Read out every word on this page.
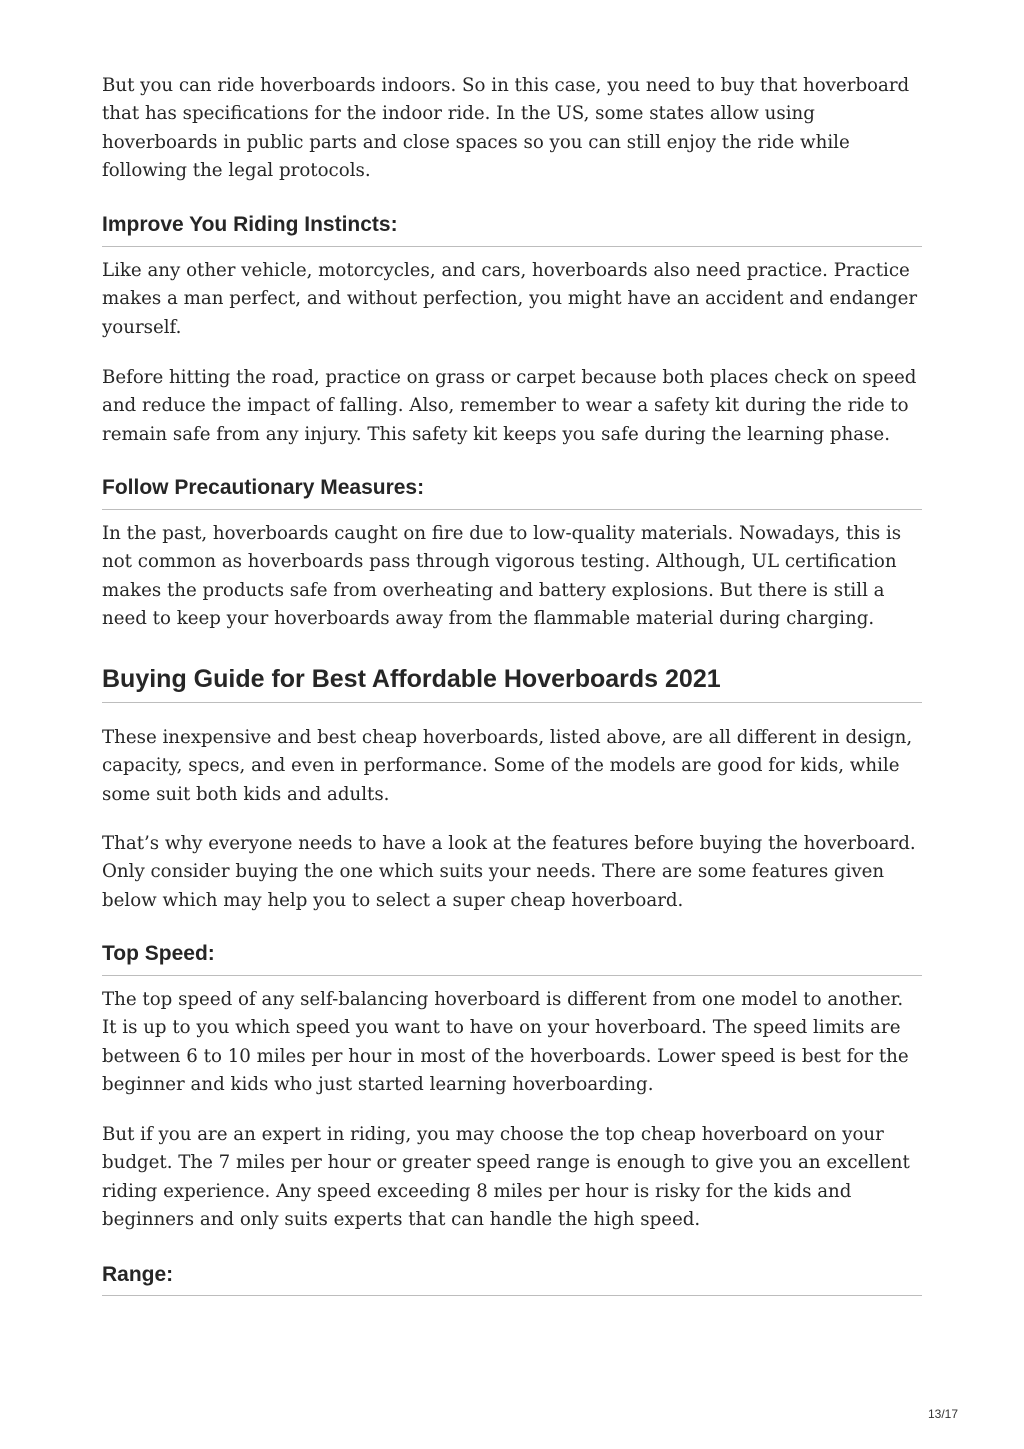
But you can ride hoverboards indoors. So in this case, you need to buy that hoverboard that has specifications for the indoor ride. In the US, some states allow using hoverboards in public parts and close spaces so you can still enjoy the ride while following the legal protocols.

Improve You Riding Instincts:

Like any other vehicle, motorcycles, and cars, hoverboards also need practice. Practice makes a man perfect, and without perfection, you might have an accident and endanger yourself.

Before hitting the road, practice on grass or carpet because both places check on speed and reduce the impact of falling. Also, remember to wear a safety kit during the ride to remain safe from any injury. This safety kit keeps you safe during the learning phase.

Follow Precautionary Measures:

In the past, hoverboards caught on fire due to low-quality materials. Nowadays, this is not common as hoverboards pass through vigorous testing. Although, UL certification makes the products safe from overheating and battery explosions. But there is still a need to keep your hoverboards away from the flammable material during charging.

Buying Guide for Best Affordable Hoverboards 2021

These inexpensive and best cheap hoverboards, listed above, are all different in design, capacity, specs, and even in performance. Some of the models are good for kids, while some suit both kids and adults.

That’s why everyone needs to have a look at the features before buying the hoverboard. Only consider buying the one which suits your needs. There are some features given below which may help you to select a super cheap hoverboard.

Top Speed:

The top speed of any self-balancing hoverboard is different from one model to another. It is up to you which speed you want to have on your hoverboard. The speed limits are between 6 to 10 miles per hour in most of the hoverboards. Lower speed is best for the beginner and kids who just started learning hoverboarding.

But if you are an expert in riding, you may choose the top cheap hoverboard on your budget. The 7 miles per hour or greater speed range is enough to give you an excellent riding experience. Any speed exceeding 8 miles per hour is risky for the kids and beginners and only suits experts that can handle the high speed.

Range:
13/17
